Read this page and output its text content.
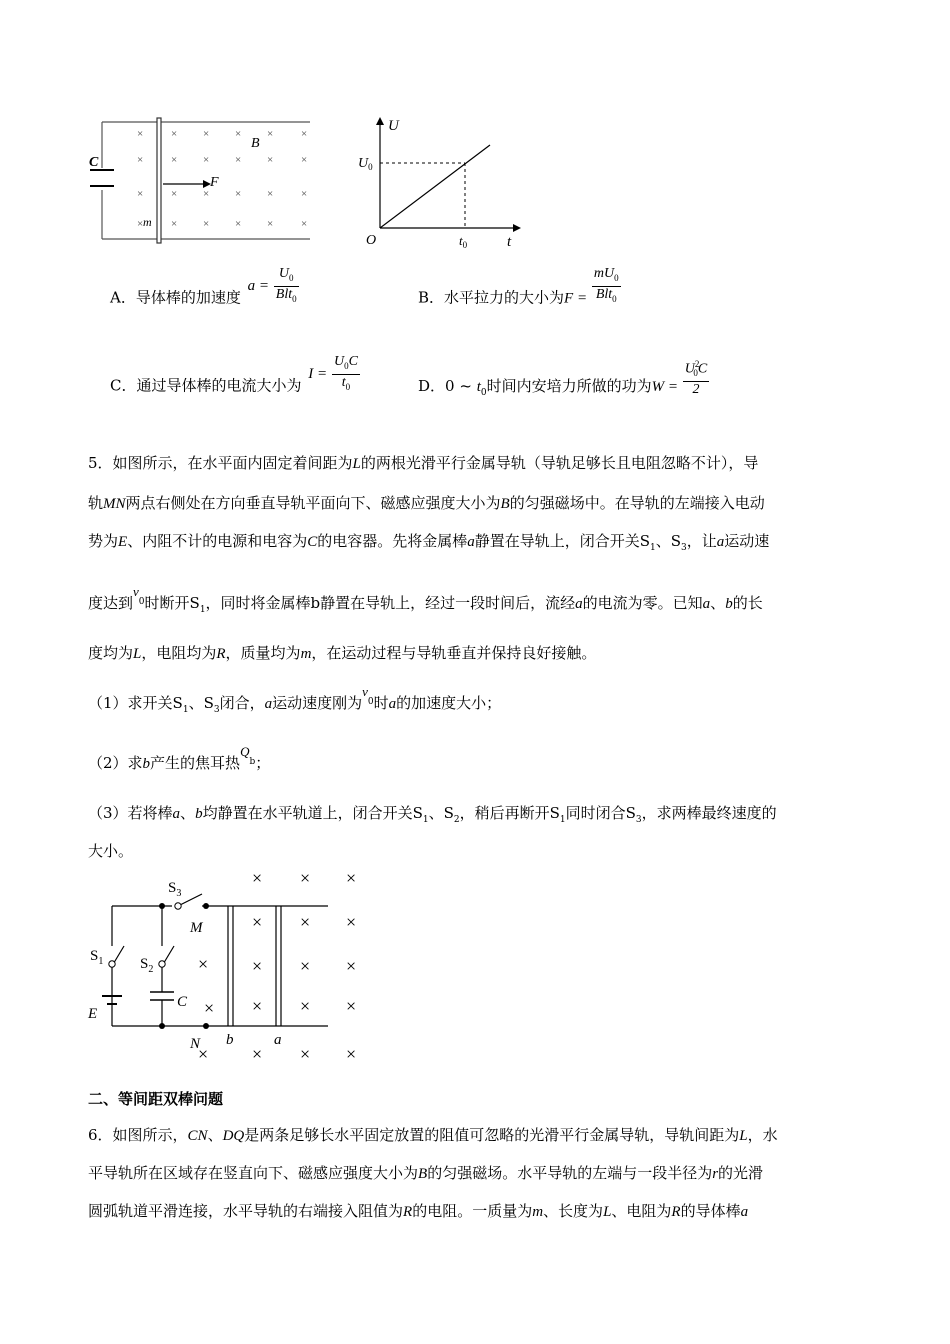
C
B
F
m
×	× × × ×	×
×	× × × ×	×
×	× × × ×	×
×	× × × ×	×
U
t
O
$U_0$
$t_0$
A．导体棒的加速度 $a = \frac{U_0}{Blt_0}$	B．水平拉力的大小为$F = \frac{mU_0}{Blt_0}$
C．通过导体棒的电流大小为 $I = \frac{U_0C}{t_0}$	D．0 ~ $t_0$时间内安培力所做的功为$W = \frac{U^2_0C}{2}$
5．如图所示，在水平面内固定着间距为L的两根光滑平行金属导轨（导轨足够长且电阻忽略不计），导
轨MN两点右侧处在方向垂直导轨平面向下、磁感应强度大小为B的匀强磁场中。在导轨的左端接入电动
势为E、内阻不计的电源和电容为C的电容器。先将金属棒a静置在导轨上，闭合开关$S_1$、$S_3$，让a运动速
度达到$v_0$时断开$S_1$，同时将金属棒b静置在导轨上，经过一段时间后，流经a的电流为零。已知a、b的长
度均为L，电阻均为R，质量均为m，在运动过程与导轨垂直并保持良好接触。
（1）求开关$S_1$、$S_3$闭合，a运动速度刚为$v_0$时a的加速度大小；
（2）求b产生的焦耳热$Q_b$；
（3）若将棒a、b均静置在水平轨道上，闭合开关$S_1$、$S_2$，稍后再断开$S_1$同时闭合$S_3$，求两棒最终速度的
大小。
$S_3$
$S_1$ $S_2$
M
N
E
C
b	a
× × ×
× × ×
× × ×
× × ×
× × ×
×
×
×
二、等间距双棒问题
6．如图所示，CN、DQ是两条足够长水平固定放置的阻值可忽略的光滑平行金属导轨，导轨间距为L，水
平导轨所在区域存在竖直向下、磁感应强度大小为B的匀强磁场。水平导轨的左端与一段半径为r的光滑
圆弧轨道平滑连接，水平导轨的右端接入阻值为R的电阻。一质量为m、长度为L、电阻为R的导体棒a
